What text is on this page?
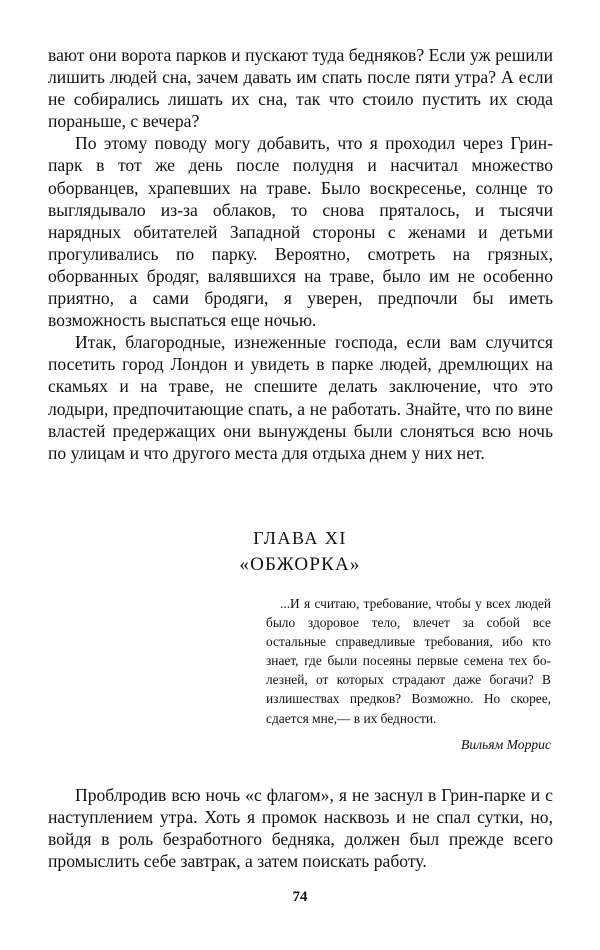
вают они ворота парков и пускают туда бедняков? Если уж решили лишить людей сна, зачем давать им спать после пяти утра? А если не собирались лишать их сна, так что стоило пустить их сюда пораньше, с вечера?

По этому поводу могу добавить, что я проходил через Грин-парк в тот же день после полудня и насчитал множество оборванцев, храпевших на траве. Было воскресенье, солнце то выглядывало из-за облаков, то снова пряталось, и тысячи нарядных обитателей Западной стороны с женами и детьми прогуливались по парку. Вероятно, смотреть на грязных, оборванных бродяг, валявшихся на траве, было им не особенно приятно, а сами бродяги, я уверен, предпочли бы иметь возможность выспаться еще ночью.

Итак, благородные, изнеженные господа, если вам случится посетить город Лондон и увидеть в парке людей, дремлющих на скамьях и на траве, не спешите делать заключение, что это лодыри, предпочитающие спать, а не работать. Знайте, что по вине властей предержащих они вынуждены были слоняться всю ночь по улицам и что другого места для отдыха днем у них нет.

ГЛАВА XI
«ОБЖОРКА»

...И я считаю, требование, чтобы у всех людей было здоровое тело, влечет за собой все остальные справедливые требования, ибо кто знает, где были посеяны первые семена тех болезней, от которых страдают даже богачи? В излишествах предков? Возможно. Но скорее, сдается мне,— в их бедности.

Вильям Моррис

Проблродив всю ночь «с флагом», я не заснул в Грин-парке и с наступлением утра. Хоть я промок насквозь и не спал сутки, но, войдя в роль безработного бедняка, должен был прежде всего промыслить себе завтрак, а затем поискать работу.

74
